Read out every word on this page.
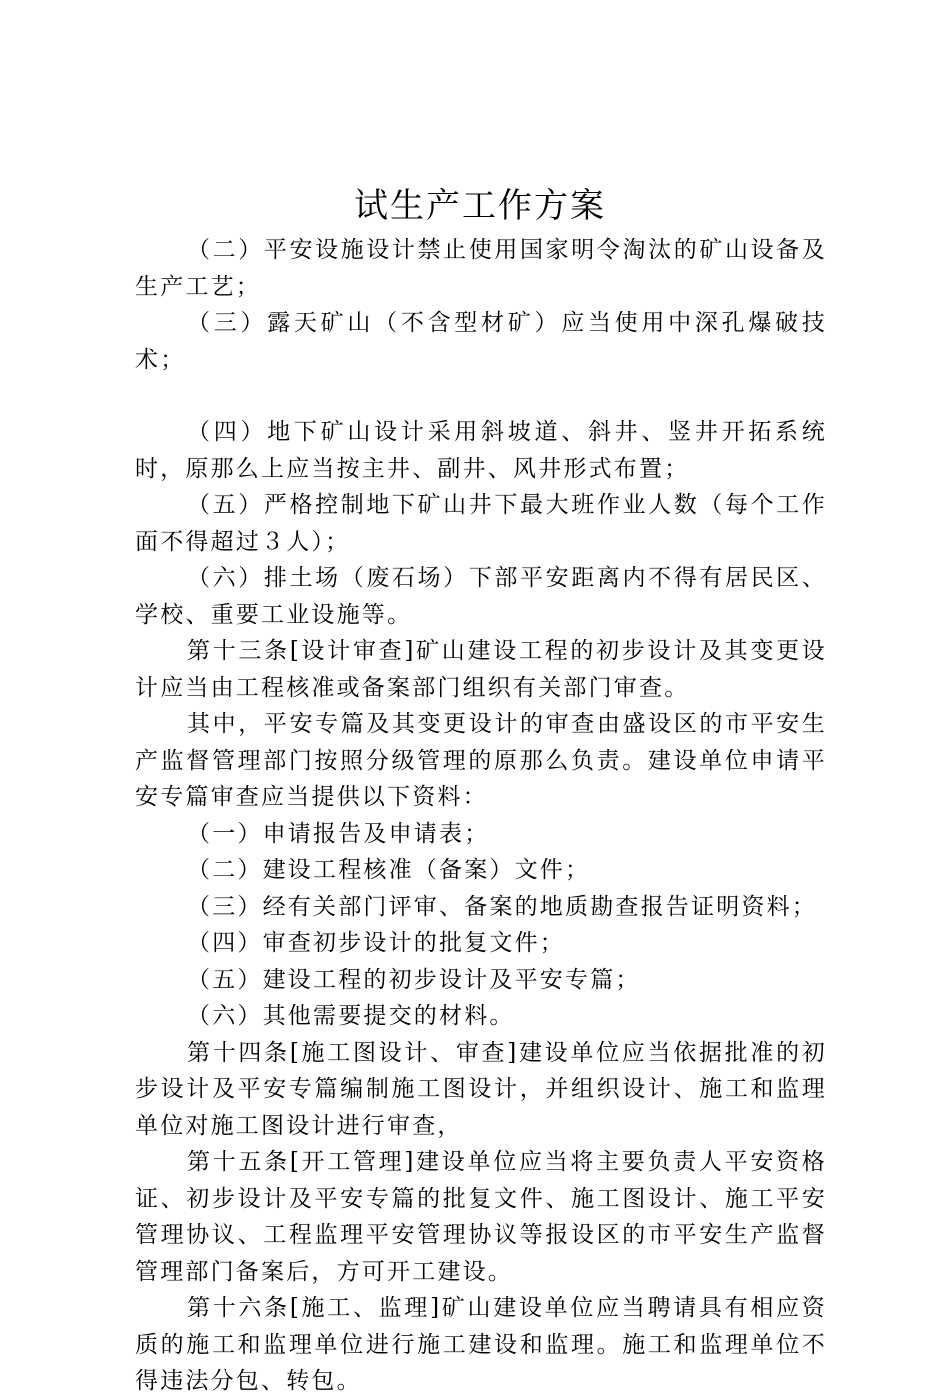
试生产工作方案

（二）平安设施设计禁止使用国家明令淘汰的矿山设备及生产工艺；

（三）露天矿山（不含型材矿）应当使用中深孔爆破技术；

（四）地下矿山设计采用斜坡道、斜井、竖井开拓系统时，原那么上应当按主井、副井、风井形式布置；

（五）严格控制地下矿山井下最大班作业人数（每个工作面不得超过３人）；

（六）排土场（废石场）下部平安距离内不得有居民区、学校、重要工业设施等。

第十三条[设计审查]矿山建设工程的初步设计及其变更设计应当由工程核准或备案部门组织有关部门审查。

其中，平安专篇及其变更设计的审查由盛设区的市平安生产监督管理部门按照分级管理的原那么负责。建设单位申请平安专篇审查应当提供以下资料：

（一）申请报告及申请表；

（二）建设工程核准（备案）文件；

（三）经有关部门评审、备案的地质勘查报告证明资料；

（四）审查初步设计的批复文件；

（五）建设工程的初步设计及平安专篇；

（六）其他需要提交的材料。

第十四条[施工图设计、审查]建设单位应当依据批准的初步设计及平安专篇编制施工图设计，并组织设计、施工和监理单位对施工图设计进行审查，

第十五条[开工管理]建设单位应当将主要负责人平安资格证、初步设计及平安专篇的批复文件、施工图设计、施工平安管理协议、工程监理平安管理协议等报设区的市平安生产监督管理部门备案后，方可开工建设。

第十六条[施工、监理]矿山建设单位应当聘请具有相应资质的施工和监理单位进行施工建设和监理。施工和监理单位不得违法分包、转包。
